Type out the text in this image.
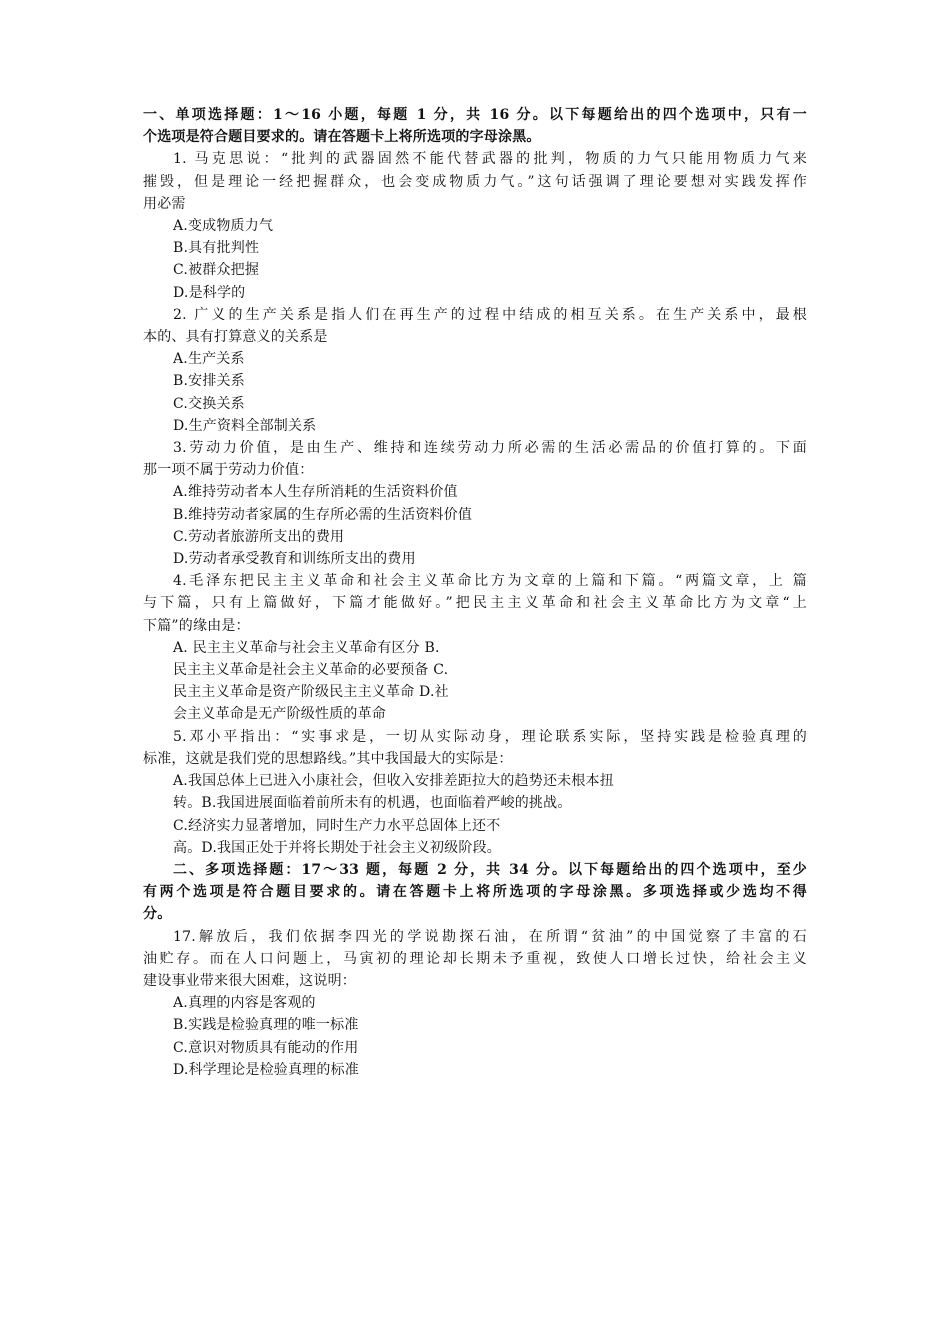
一、单项选择题：1～16 小题，每题 1 分，共 16 分。以下每题给出的四个选项中，只有一
个选项是符合题目要求的。请在答题卡上将所选项的字母涂黑。
1. 马克思说：“批判的武器固然不能代替武器的批判，物质的力气只能用物质力气来
摧毁，但是理论一经把握群众，也会变成物质力气。”这句话强调了理论要想对实践发挥作
用必需
A.变成物质力气
B.具有批判性
C.被群众把握
D.是科学的
2. 广义的生产关系是指人们在再生产的过程中结成的相互关系。在生产关系中，最根
本的、具有打算意义的关系是
A.生产关系
B.安排关系
C.交换关系
D.生产资料全部制关系
3.劳动力价值，是由生产、维持和连续劳动力所必需的生活必需品的价值打算的。下面
那一项不属于劳动力价值：
A.维持劳动者本人生存所消耗的生活资料价值
B.维持劳动者家属的生存所必需的生活资料价值
C.劳动者旅游所支出的费用
D.劳动者承受教育和训练所支出的费用
4.毛泽东把民主主义革命和社会主义革命比方为文章的上篇和下篇。“两篇文章，上 篇
与下篇，只有上篇做好，下篇才能做好。”把民主主义革命和社会主义革命比方为文章“上
下篇”的缘由是：
A. 民主主义革命与社会主义革命有区分 B.
民主主义革命是社会主义革命的必要预备 C.
民主主义革命是资产阶级民主主义革命 D.社
会主义革命是无产阶级性质的革命
5.邓小平指出：“实事求是，一切从实际动身，理论联系实际，坚持实践是检验真理的
标准，这就是我们党的思想路线。”其中我国最大的实际是：
A.我国总体上已进入小康社会，但收入安排差距拉大的趋势还未根本扭
转。B.我国进展面临着前所未有的机遇，也面临着严峻的挑战。
C.经济实力显著增加，同时生产力水平总固体上还不
高。D.我国正处于并将长期处于社会主义初级阶段。
二、多项选择题：17～33 题，每题 2 分，共 34 分。以下每题给出的四个选项中，至少
有两个选项是符合题目要求的。请在答题卡上将所选项的字母涂黑。多项选择或少选均不得
分。
17.解放后，我们依据李四光的学说勘探石油，在所谓“贫油”的中国觉察了丰富的石
油贮存。而在人口问题上，马寅初的理论却长期未予重视，致使人口增长过快，给社会主义
建设事业带来很大困难，这说明：
A.真理的内容是客观的
B.实践是检验真理的唯一标准
C.意识对物质具有能动的作用
D.科学理论是检验真理的标准
